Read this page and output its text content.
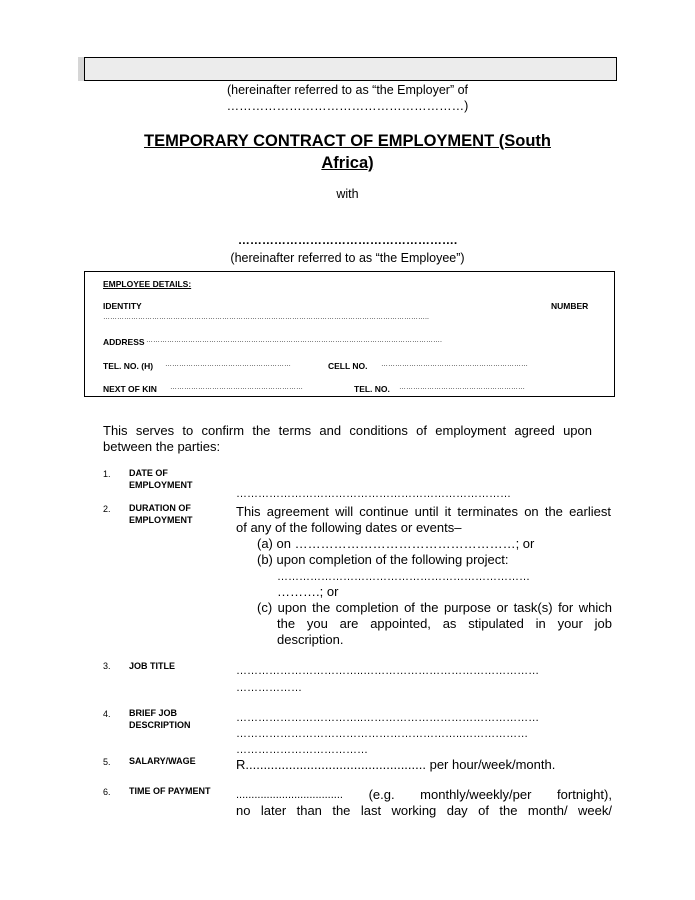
(hereinafter referred to as “the Employer” of
…………………………………………………)
TEMPORARY CONTRACT OF EMPLOYMENT (South
Africa)
with
……………………………………………….
(hereinafter referred to as “the Employee”)
EMPLOYEE DETAILS:
IDENTITY	NUMBER
…………………………………………………………………………………………………………………………..
ADDRESS ……………………………………………………………………………………………………………….
TEL. NO. (H) ………………………………………………	CELL NO. ………………………………………………………
NEXT OF KIN …………………………………………………	TEL. NO. ………………………………………………
This serves to confirm the terms and conditions of employment agreed upon
between the parties:
1. DATE OF
EMPLOYMENT
…………………………………………………………………
2. DURATION OF
EMPLOYMENT
This agreement will continue until it terminates on the earliest
of any of the following dates or events–
(a) on ……………………………………………; or
(b) upon completion of the following project:
……………………………………………………………
……….; or
(c) upon the completion of the purpose or task(s) for which
the you are appointed, as stipulated in your job
description.
3. JOB TITLE	……………………………..…………………………………………
………………
4. BRIEF JOB
DESCRIPTION
……………………………..…………………………………………
……………………………………………………..………………
………………………………
5. SALARY/WAGE	R.................................................. per hour/week/month.
6. TIME OF PAYMENT ................................... (e.g. monthly/weekly/per fortnight),
no later than the last working day of the month/ week/
